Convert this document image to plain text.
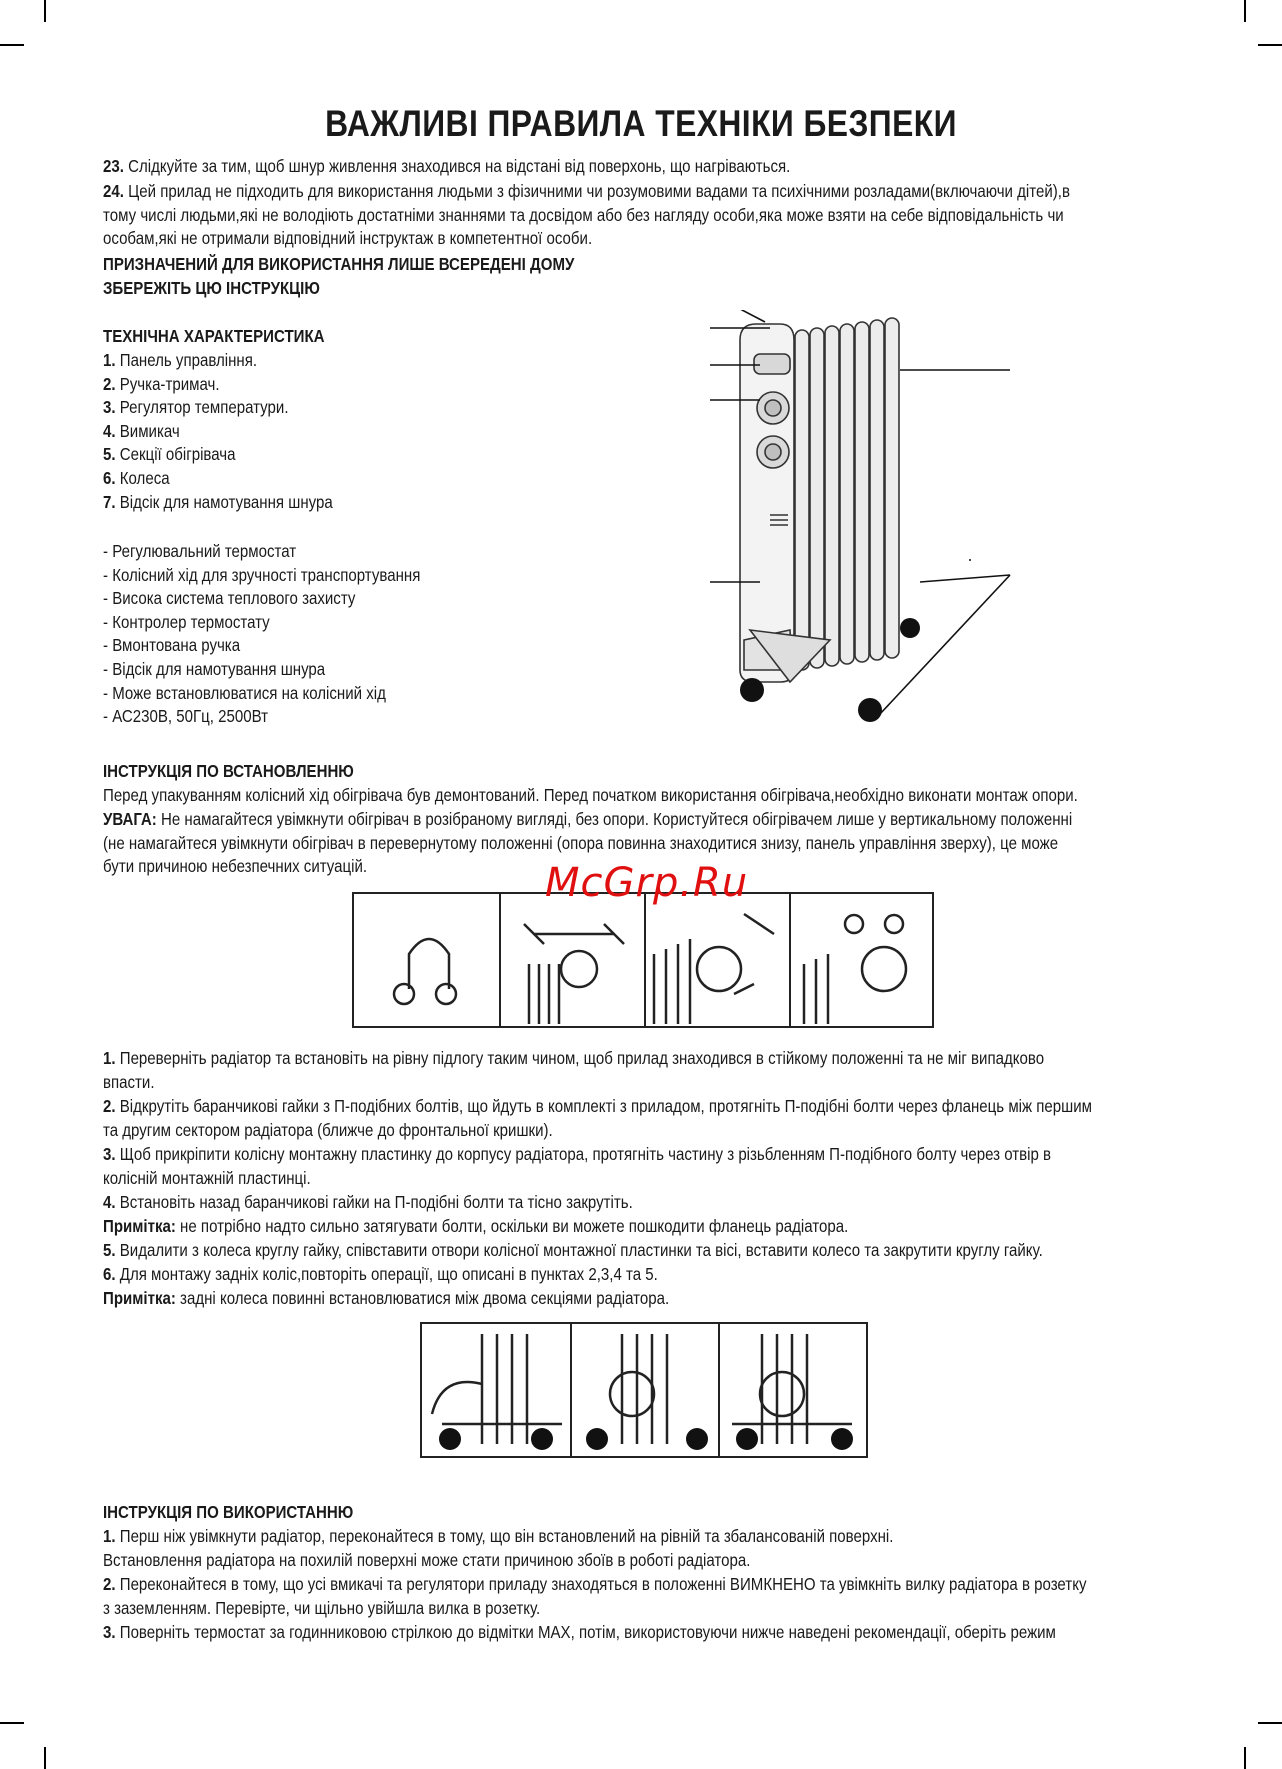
ВАЖЛИВІ ПРАВИЛА ТЕХНІКИ БЕЗПЕКИ
23. Слідкуйте за тим, щоб шнур живлення знаходився на відстані від поверхонь, що нагріваються.
24. Цей прилад не підходить для використання людьми з фізичними чи розумовими вадами та психічними розладами(включаючи дітей),в
тому числі людьми,які не володіють достатніми знаннями та досвідом або без нагляду особи,яка може взяти на себе відповідальність чи
особам,які не отримали відповідний інструктаж в компетентної особи.
ПРИЗНАЧЕНИЙ ДЛЯ ВИКОРИСТАННЯ ЛИШЕ ВСЕРЕДЕНІ ДОМУ
ЗБЕРЕЖІТЬ ЦЮ ІНСТРУКЦІЮ
ТЕХНІЧНА ХАРАКТЕРИСТИКА
1. Панель управління.
2. Ручка-тримач.
3. Регулятор температури.
4. Вимикач
5. Секції обігрівача
6. Колеса
7. Відсік для намотування шнура
- Регулювальний термостат
- Колісний хід для зручності транспортування
- Висока система теплового захисту
- Контролер термостату
- Вмонтована ручка
- Відсік для намотування шнура
- Може встановлюватися на колісний хід
- АС230В, 50Гц, 2500Вт
ІНСТРУКЦІЯ ПО ВСТАНОВЛЕННЮ
Перед упакуванням колісний хід обігрівача був демонтований. Перед початком використання обігрівача,необхідно виконати монтаж опори.
УВАГА: Не намагайтеся увімкнути обігрівач в розібраному вигляді, без опори. Користуйтеся обігрівачем лише у вертикальному положенні
(не намагайтеся увімкнути обігрівач в перевернутому положенні (опора повинна знаходитися знизу, панель управління зверху), це може
бути причиною небезпечних ситуацій.	McGrp.Ru
1. Переверніть радіатор та встановіть на рівну підлогу таким чином, щоб прилад знаходився в стійкому положенні та не міг випадково
впасти.
2. Відкрутіть баранчикові гайки з П-подібних болтів, що йдуть в комплекті з приладом, протягніть П-подібні болти через фланець між першим
та другим сектором радіатора (ближче до фронтальної кришки).
3. Щоб прикріпити колісну монтажну пластинку до корпусу радіатора, протягніть частину з різьбленням П-подібного болту через отвір в
колісній монтажній пластинці.
4. Встановіть назад баранчикові гайки на П-подібні болти та тісно закрутіть.
Примітка: не потрібно надто сильно затягувати болти, оскільки ви можете пошкодити фланець радіатора.
5. Видалити з колеса круглу гайку, співставити отвори колісної монтажної пластинки та вісі, вставити колесо та закрутити круглу гайку.
6. Для монтажу задніх коліс,повторіть операції, що описані в пунктах 2,3,4 та 5.
Примітка: задні колеса повинні встановлюватися між двома секціями радіатора.
ІНСТРУКЦІЯ ПО ВИКОРИСТАННЮ
1. Перш ніж увімкнути радіатор, переконайтеся в тому, що він встановлений на рівній та збалансованій поверхні.
Встановлення радіатора на похилій поверхні може стати причиною збоїв в роботі радіатора.
2. Переконайтеся в тому, що усі вмикачі та регулятори приладу знаходяться в положенні ВИМКНЕНО та увімкніть вилку радіатора в розетку
з заземленням. Перевірте, чи щільно увійшла вилка в розетку.
3. Поверніть термостат за годинниковою стрілкою до відмітки МАХ, потім, використовуючи нижче наведені рекомендації, оберіть режим
